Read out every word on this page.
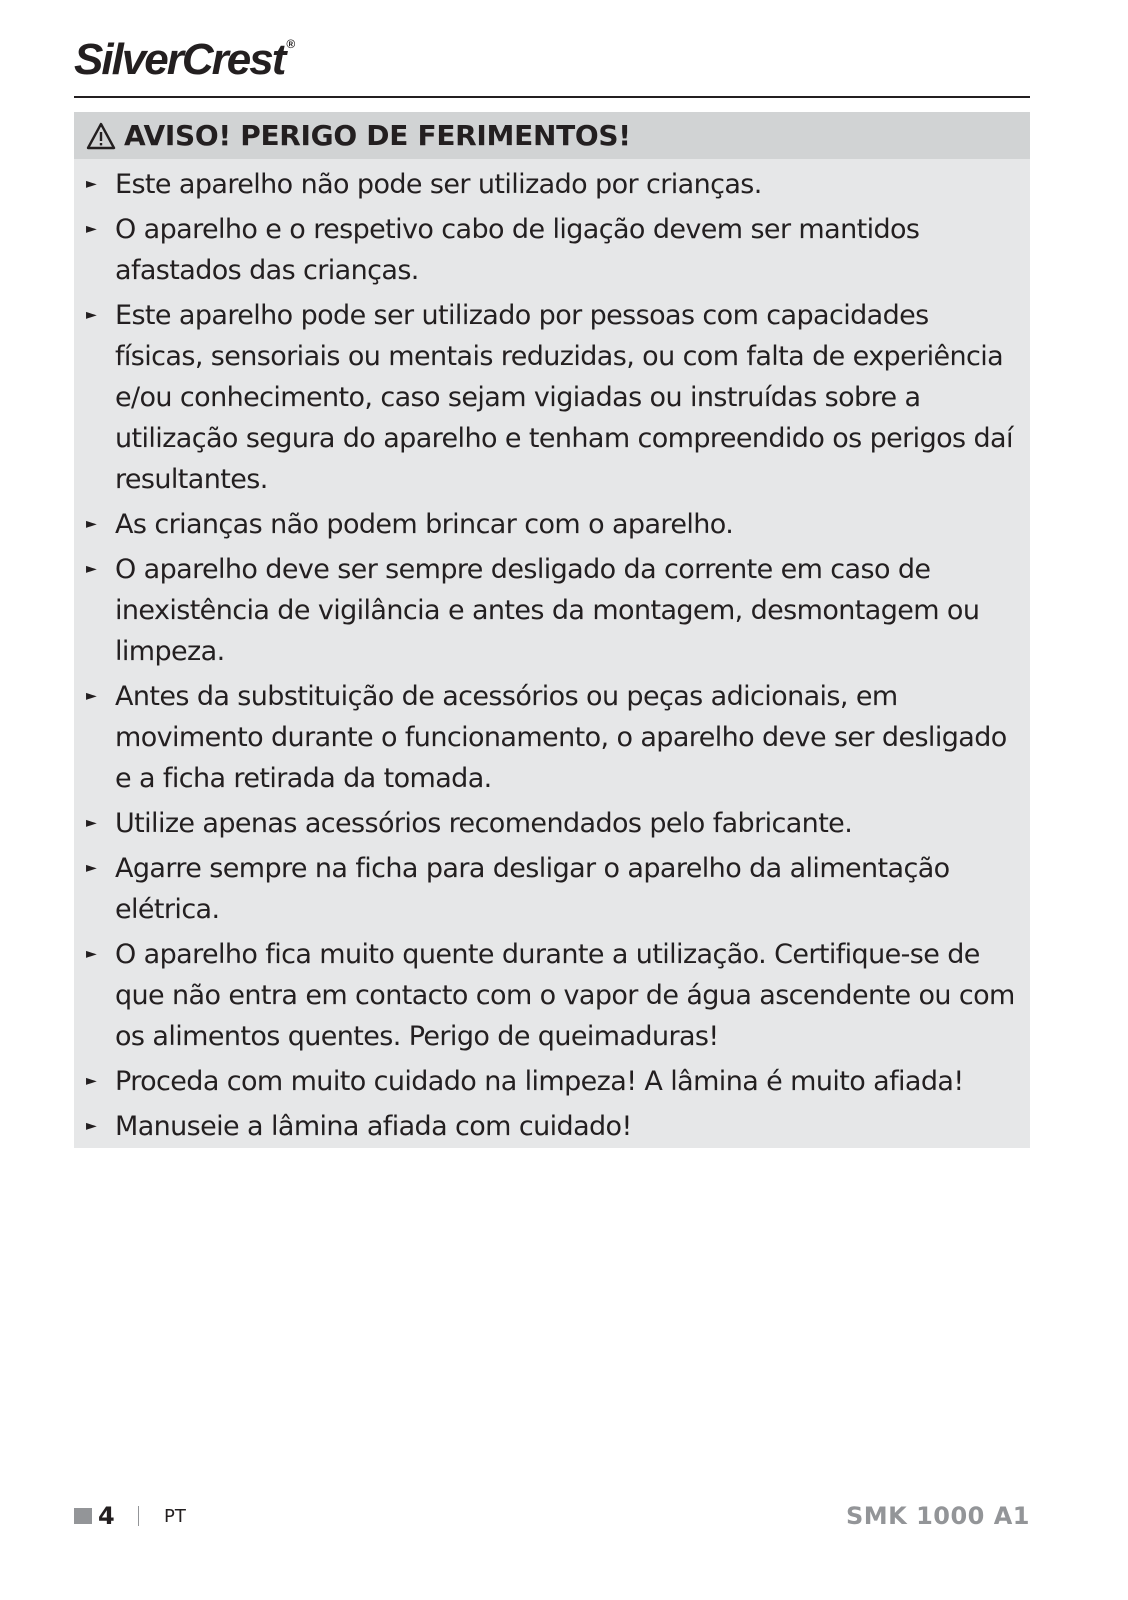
SilverCrest ®
AVISO! PERIGO DE FERIMENTOS!
► Este aparelho não pode ser utilizado por crianças.
► O aparelho e o respetivo cabo de ligação devem ser mantidos afastados das crianças.
► Este aparelho pode ser utilizado por pessoas com capacidades físicas, sensoriais ou mentais reduzidas, ou com falta de experiência e/ou conhecimento, caso sejam vigiadas ou instruídas sobre a utilização segura do aparelho e tenham compreendido os perigos daí resultantes.
► As crianças não podem brincar com o aparelho.
► O aparelho deve ser sempre desligado da corrente em caso de inexistência de vigilância e antes da montagem, desmontagem ou limpeza.
► Antes da substituição de acessórios ou peças adicionais, em movimento durante o funcionamento, o aparelho deve ser desligado e a ficha retirada da tomada.
► Utilize apenas acessórios recomendados pelo fabricante.
► Agarre sempre na ficha para desligar o aparelho da alimentação elétrica.
► O aparelho fica muito quente durante a utilização. Certifique-se de que não entra em contacto com o vapor de água ascendente ou com os alimentos quentes. Perigo de queimaduras!
► Proceda com muito cuidado na limpeza! A lâmina é muito afiada!
► Manuseie a lâmina afiada com cuidado!
4	PT	SMK 1000 A1
